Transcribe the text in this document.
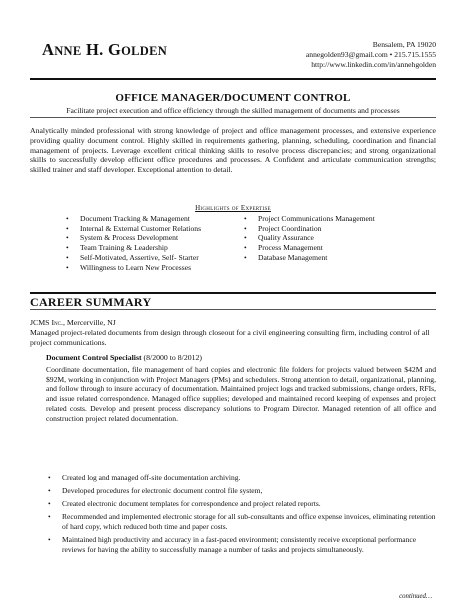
ANNE H. GOLDEN	Bensalem, PA 19020
annegolden93@gmail.com • 215.715.1555
http://www.linkedin.com/in/annehgolden
OFFICE MANAGER/DOCUMENT CONTROL
Facilitate project execution and office efficiency through the skilled management of documents and processes
Analytically minded professional with strong knowledge of project and office management processes, and extensive experience providing quality document control. Highly skilled in requirements gathering, planning, scheduling, coordination and financial management of projects. Leverage excellent critical thinking skills to resolve process discrepancies; and strong organizational skills to successfully develop efficient office procedures and processes. A Confident and articulate communication strengths; skilled trainer and staff developer. Exceptional attention to detail.
Highlights of Expertise
• Document Tracking & Management
• Internal & External Customer Relations
• System & Process Development
• Team Training & Leadership
• Self-Motivated, Assertive, Self- Starter
• Willingness to Learn New Processes
• Project Communications Management
• Project Coordination
• Quality Assurance
• Process Management
• Database Management
CAREER SUMMARY
JCMS Inc., Mercerville, NJ
Managed project-related documents from design through closeout for a civil engineering consulting firm, including control of all project communications.
Document Control Specialist (8/2000 to 8/2012)
Coordinate documentation, file management of hard copies and electronic file folders for projects valued between $42M and $92M, working in conjunction with Project Managers (PMs) and schedulers. Strong attention to detail, organizational, planning, and follow through to insure accuracy of documentation. Maintained project logs and tracked submissions, change orders, RFIs, and issue related correspondence. Managed office supplies; developed and maintained record keeping of expenses and project related costs. Develop and present process discrepancy solutions to Program Director. Managed retention of all office and construction project related documentation.
• Created log and managed off-site documentation archiving.
• Developed procedures for electronic document control file system,
• Created electronic document templates for correspondence and project related reports.
• Recommended and implemented electronic storage for all sub-consultants and office expense invoices, eliminating retention of hard copy, which reduced both time and paper costs.
• Maintained high productivity and accuracy in a fast-paced environment; consistently receive exceptional performance reviews for having the ability to successfully manage a number of tasks and projects simultaneously.
continued…
